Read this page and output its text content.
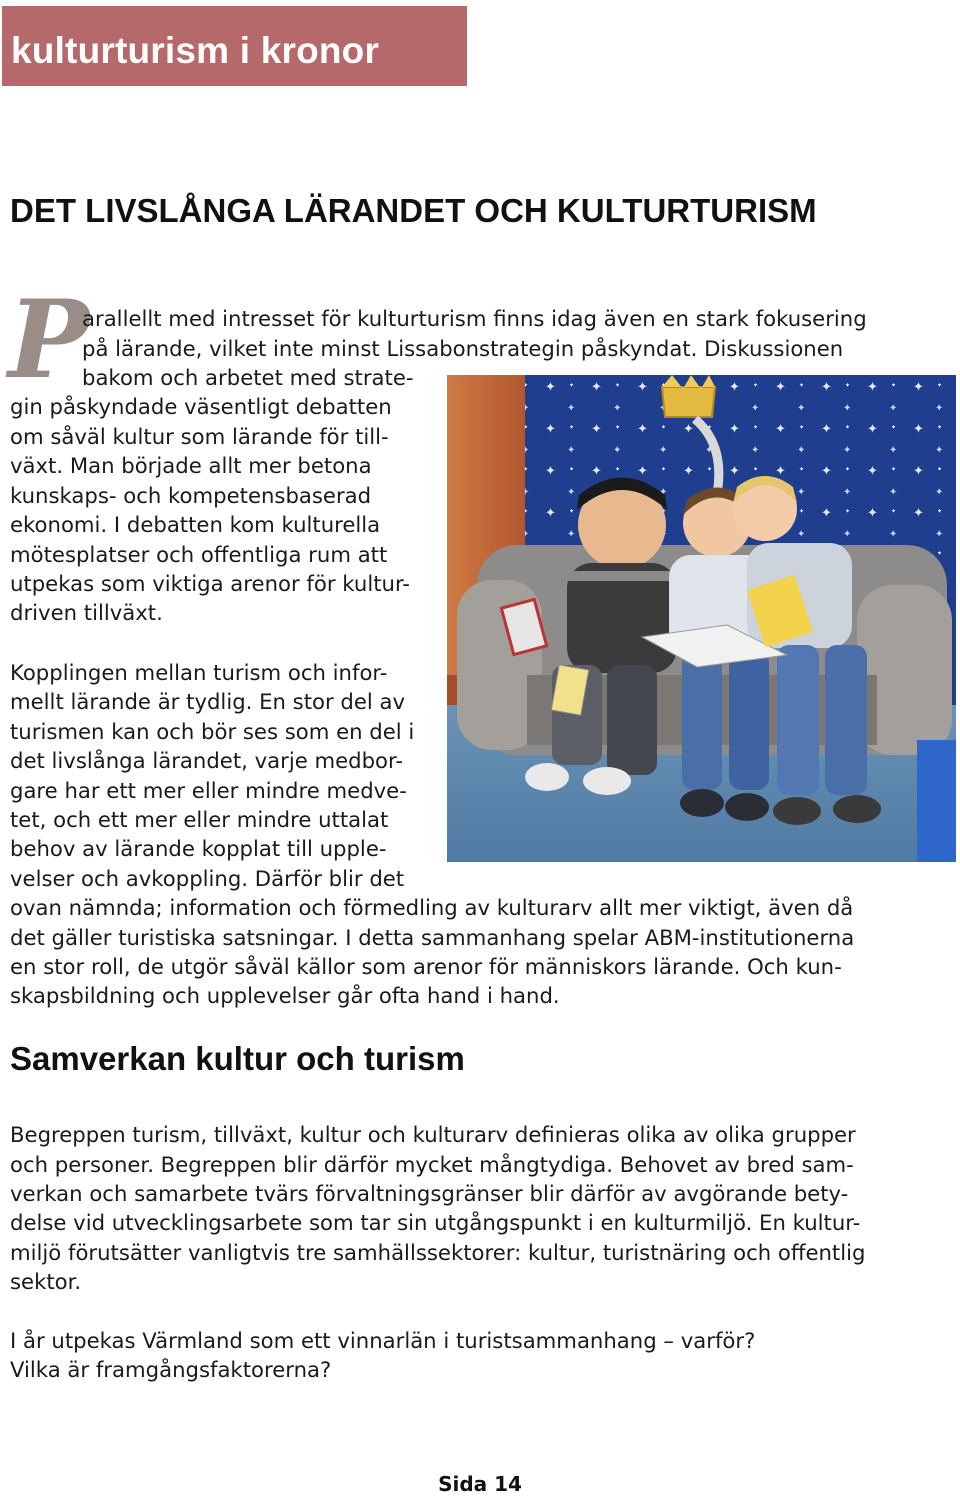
kulturturism i kronor
DET LIVSLÅNGA LÄRANDET OCH KULTURTURISM
P
arallellt med intresset för kulturturism finns idag även en stark fokusering
på lärande, vilket inte minst Lissabonstrategin påskyndat. Diskussionen
bakom och arbetet med strate-
gin påskyndade väsentligt debatten
om såväl kultur som lärande för till-
växt. Man började allt mer betona
kunskaps- och kompetensbaserad
ekonomi. I debatten kom kulturella
mötesplatser och offentliga rum att
utpekas som viktiga arenor för kultur-
driven tillväxt.
Kopplingen mellan turism och infor-
mellt lärande är tydlig. En stor del av
turismen kan och bör ses som en del i
det livslånga lärandet, varje medbor-
gare har ett mer eller mindre medve-
tet, och ett mer eller mindre uttalat
behov av lärande kopplat till upple-
velser och avkoppling. Därför blir det
ovan nämnda; information och förmedling av kulturarv allt mer viktigt, även då
det gäller turistiska satsningar. I detta sammanhang spelar ABM-institutionerna
en stor roll, de utgör såväl källor som arenor för människors lärande. Och kun-
skapsbildning och upplevelser går ofta hand i hand.
Samverkan kultur och turism
Begreppen turism, tillväxt, kultur och kulturarv definieras olika av olika grupper
och personer. Begreppen blir därför mycket mångtydiga. Behovet av bred sam-
verkan och samarbete tvärs förvaltningsgränser blir därför av avgörande bety-
delse vid utvecklingsarbete som tar sin utgångspunkt i en kulturmiljö. En kultur-
miljö förutsätter vanligtvis tre samhällssektorer: kultur, turistnäring och offentlig
sektor.
I år utpekas Värmland som ett vinnarlän i turistsammanhang – varför?
Vilka är framgångsfaktorerna?
Sida 14
